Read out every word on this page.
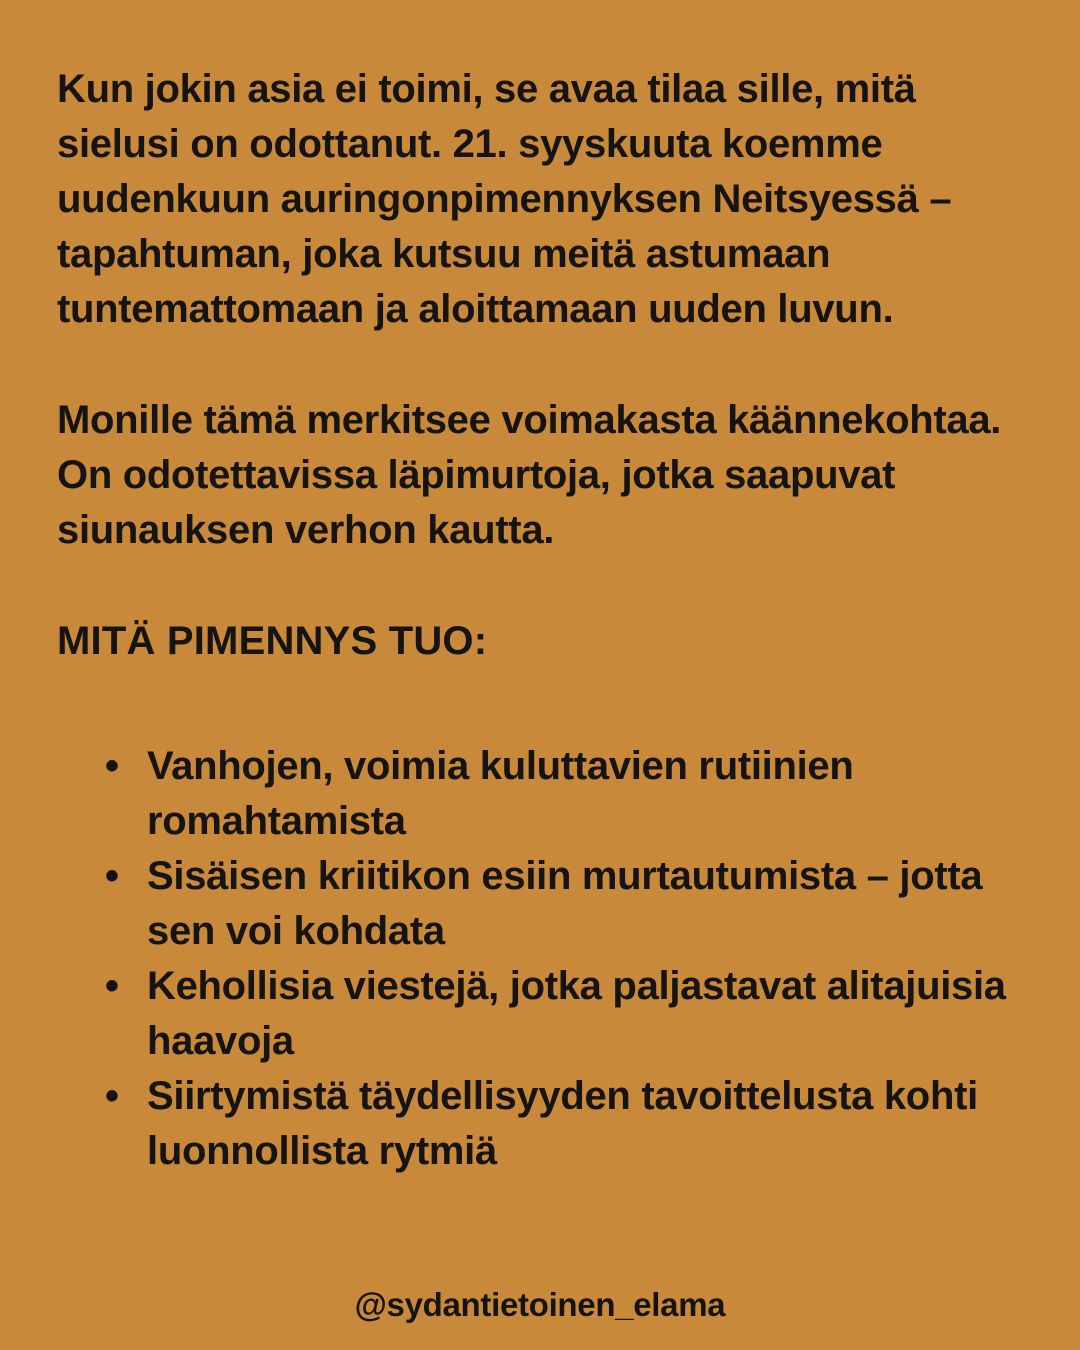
Kun jokin asia ei toimi, se avaa tilaa sille, mitä sielusi on odottanut. 21. syyskuuta koemme uudenkuun auringonpimennyksen Neitsyessä – tapahtuman, joka kutsuu meitä astumaan tuntemattomaan ja aloittamaan uuden luvun.

Monille tämä merkitsee voimakasta käännekohtaa. On odotettavissa läpimurtoja, jotka saapuvat siunauksen verhon kautta.

MITÄ PIMENNYS TUO:
• Vanhojen, voimia kuluttavien rutiinien romahtamista
• Sisäisen kriitikon esiin murtautumista – jotta sen voi kohdata
• Kehollisia viestejä, jotka paljastavat alitajuisia haavoja
• Siirtymistä täydellisyyden tavoittelusta kohti luonnollista rytmiä
@sydantietoinen_elama
